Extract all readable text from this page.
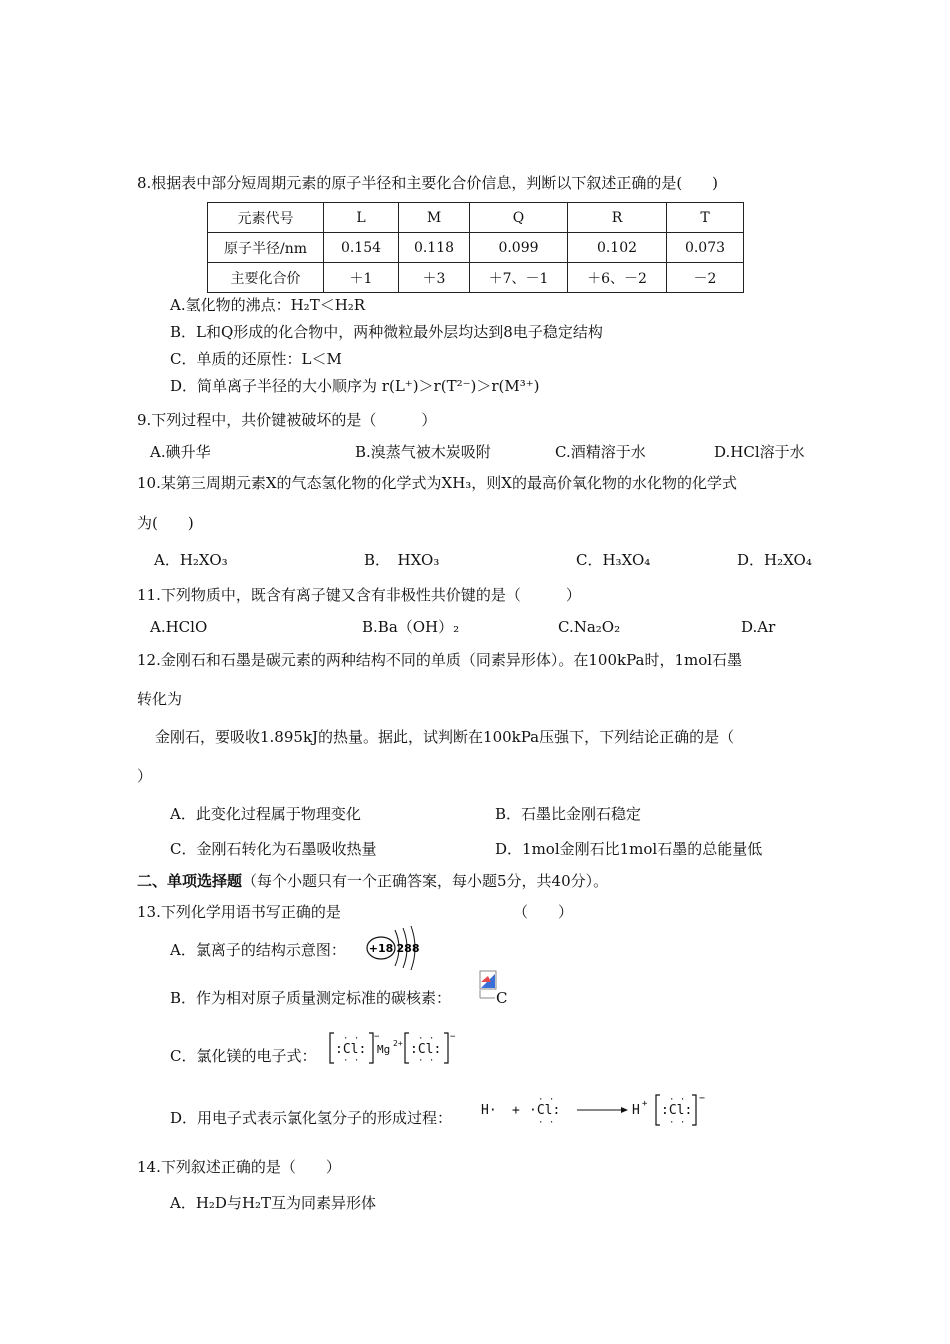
8.根据表中部分短周期元素的原子半径和主要化合价信息，判断以下叙述正确的是(　　)
元素代号	L	M	Q	R	T
原子半径/nm	0.154	0.118	0.099	0.102	0.073
主要化合价	＋1	＋3	＋7、－1	＋6、－2	－2
A.氢化物的沸点：H₂T＜H₂R
B．L和Q形成的化合物中，两种微粒最外层均达到8电子稳定结构
C．单质的还原性：L＜M
D．简单离子半径的大小顺序为 r(L⁺)＞r(T²⁻)＞r(M³⁺)
9.下列过程中，共价键被破坏的是（　　　）
A.碘升华	B.溴蒸气被木炭吸附	C.酒精溶于水	D.HCl溶于水
10.某第三周期元素X的气态氢化物的化学式为XH₃，则X的最高价氧化物的水化物的化学式
为(　　)
A．H₂XO₃	B．　HXO₃	C．H₃XO₄	D．H₂XO₄
11.下列物质中，既含有离子键又含有非极性共价键的是（　　　）
A.HClO	B.Ba（OH）₂	C.Na₂O₂	D.Ar
12.金刚石和石墨是碳元素的两种结构不同的单质（同素异形体）。在100kPa时，1mol石墨
转化为
金刚石，要吸收1.895kJ的热量。据此，试判断在100kPa压强下，下列结论正确的是（
）
A．此变化过程属于物理变化	B．石墨比金刚石稳定
C．金刚石转化为石墨吸收热量	D．1mol金刚石比1mol石墨的总能量低
二、单项选择题（每个小题只有一个正确答案，每小题5分，共40分）。
13.下列化学用语书写正确的是	（　　）
A．氯离子的结构示意图： +18 288
B．作为相对原子质量测定标准的碳核素：	C
C．氯化镁的电子式： :Cl:
· ·
· ·
−
Mg 2+ :Cl:
· ·
· ·
−
D．用电子式表示氯化氢分子的形成过程： H· + ·Cl:
· ·
· ·
H + :Cl:
· ·
· ·
−
14.下列叙述正确的是（　　）
A．H₂D与H₂T互为同素异形体
